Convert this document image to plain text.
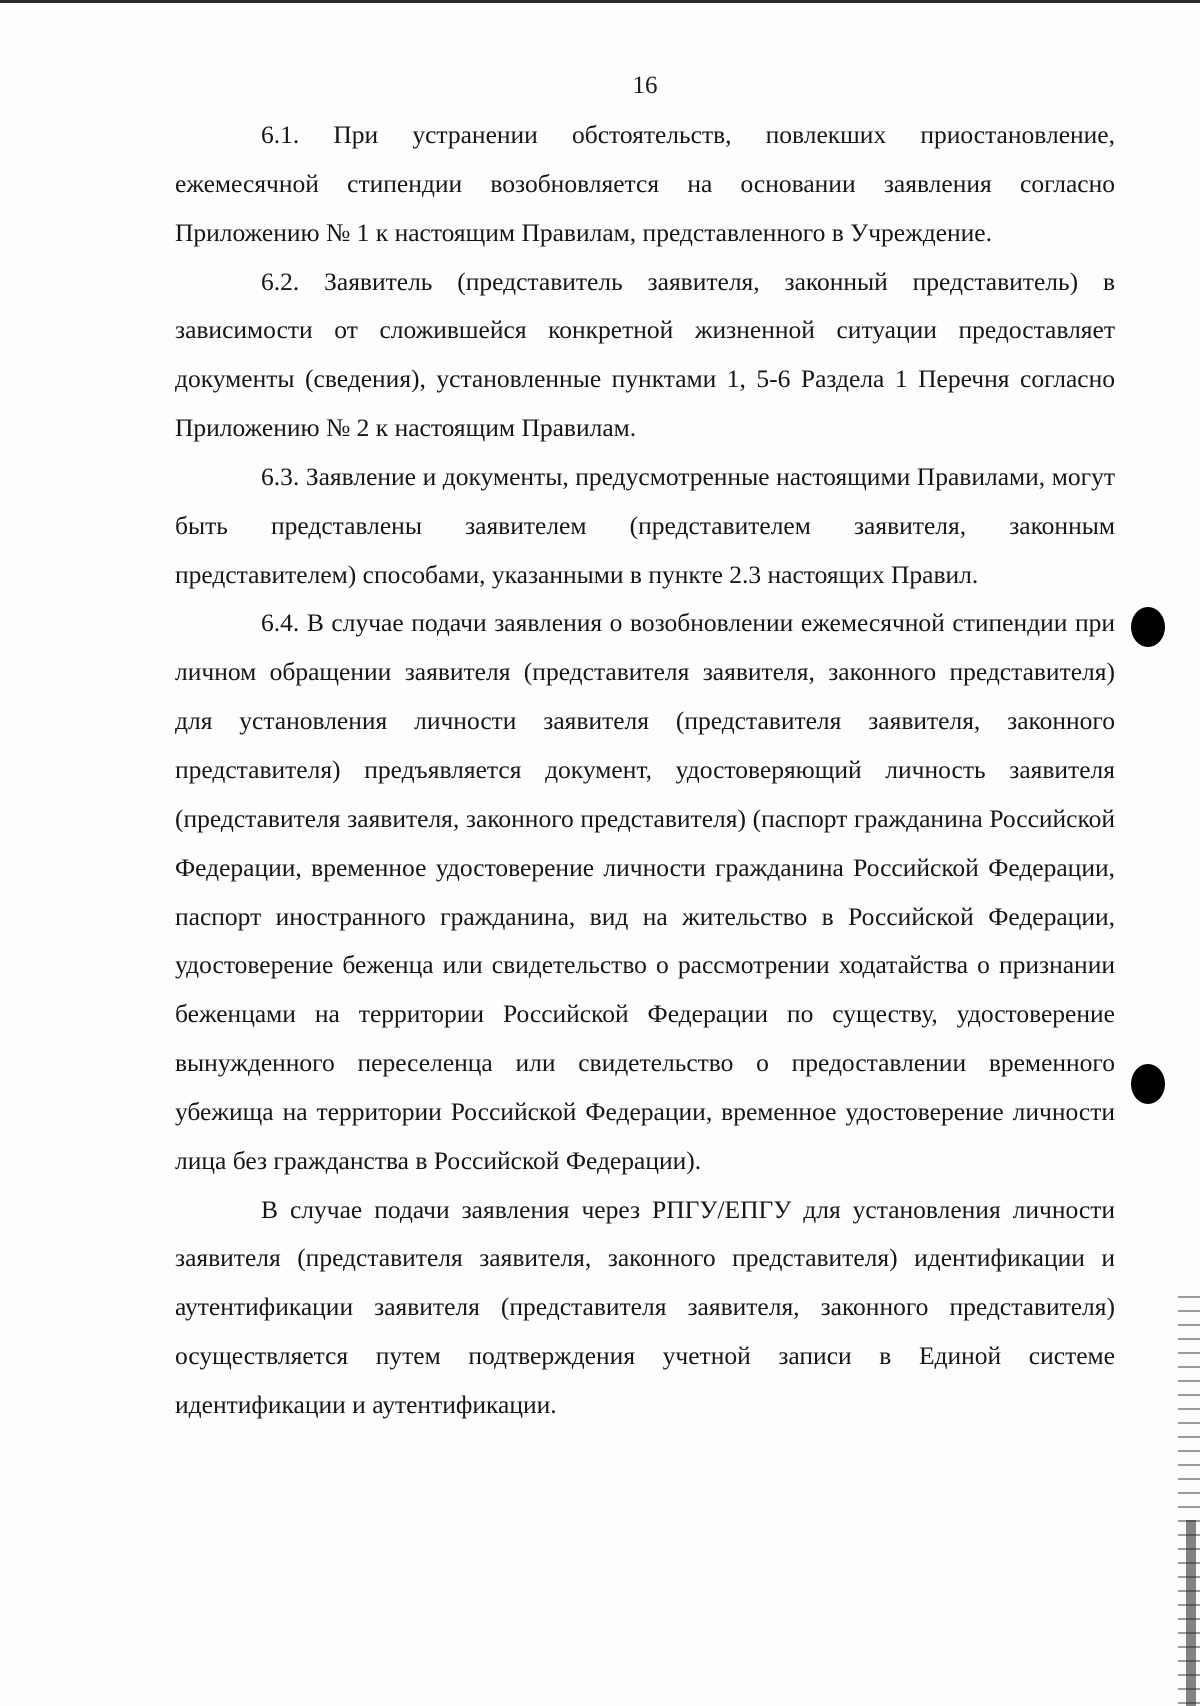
16

6.1. При устранении обстоятельств, повлекших приостановление, ежемесячной стипендии возобновляется на основании заявления согласно Приложению № 1 к настоящим Правилам, представленного в Учреждение.

6.2. Заявитель (представитель заявителя, законный представитель) в зависимости от сложившейся конкретной жизненной ситуации предоставляет документы (сведения), установленные пунктами 1, 5-6 Раздела 1 Перечня согласно Приложению № 2 к настоящим Правилам.

6.3. Заявление и документы, предусмотренные настоящими Правилами, могут быть представлены заявителем (представителем заявителя, законным представителем) способами, указанными в пункте 2.3 настоящих Правил.

6.4. В случае подачи заявления о возобновлении ежемесячной стипендии при личном обращении заявителя (представителя заявителя, законного представителя) для установления личности заявителя (представителя заявителя, законного представителя) предъявляется документ, удостоверяющий личность заявителя (представителя заявителя, законного представителя) (паспорт гражданина Российской Федерации, временное удостоверение личности гражданина Российской Федерации, паспорт иностранного гражданина, вид на жительство в Российской Федерации, удостоверение беженца или свидетельство о рассмотрении ходатайства о признании беженцами на территории Российской Федерации по существу, удостоверение вынужденного переселенца или свидетельство о предоставлении временного убежища на территории Российской Федерации, временное удостоверение личности лица без гражданства в Российской Федерации).

В случае подачи заявления через РПГУ/ЕПГУ для установления личности заявителя (представителя заявителя, законного представителя) идентификации и аутентификации заявителя (представителя заявителя, законного представителя) осуществляется путем подтверждения учетной записи в Единой системе идентификации и аутентификации.
